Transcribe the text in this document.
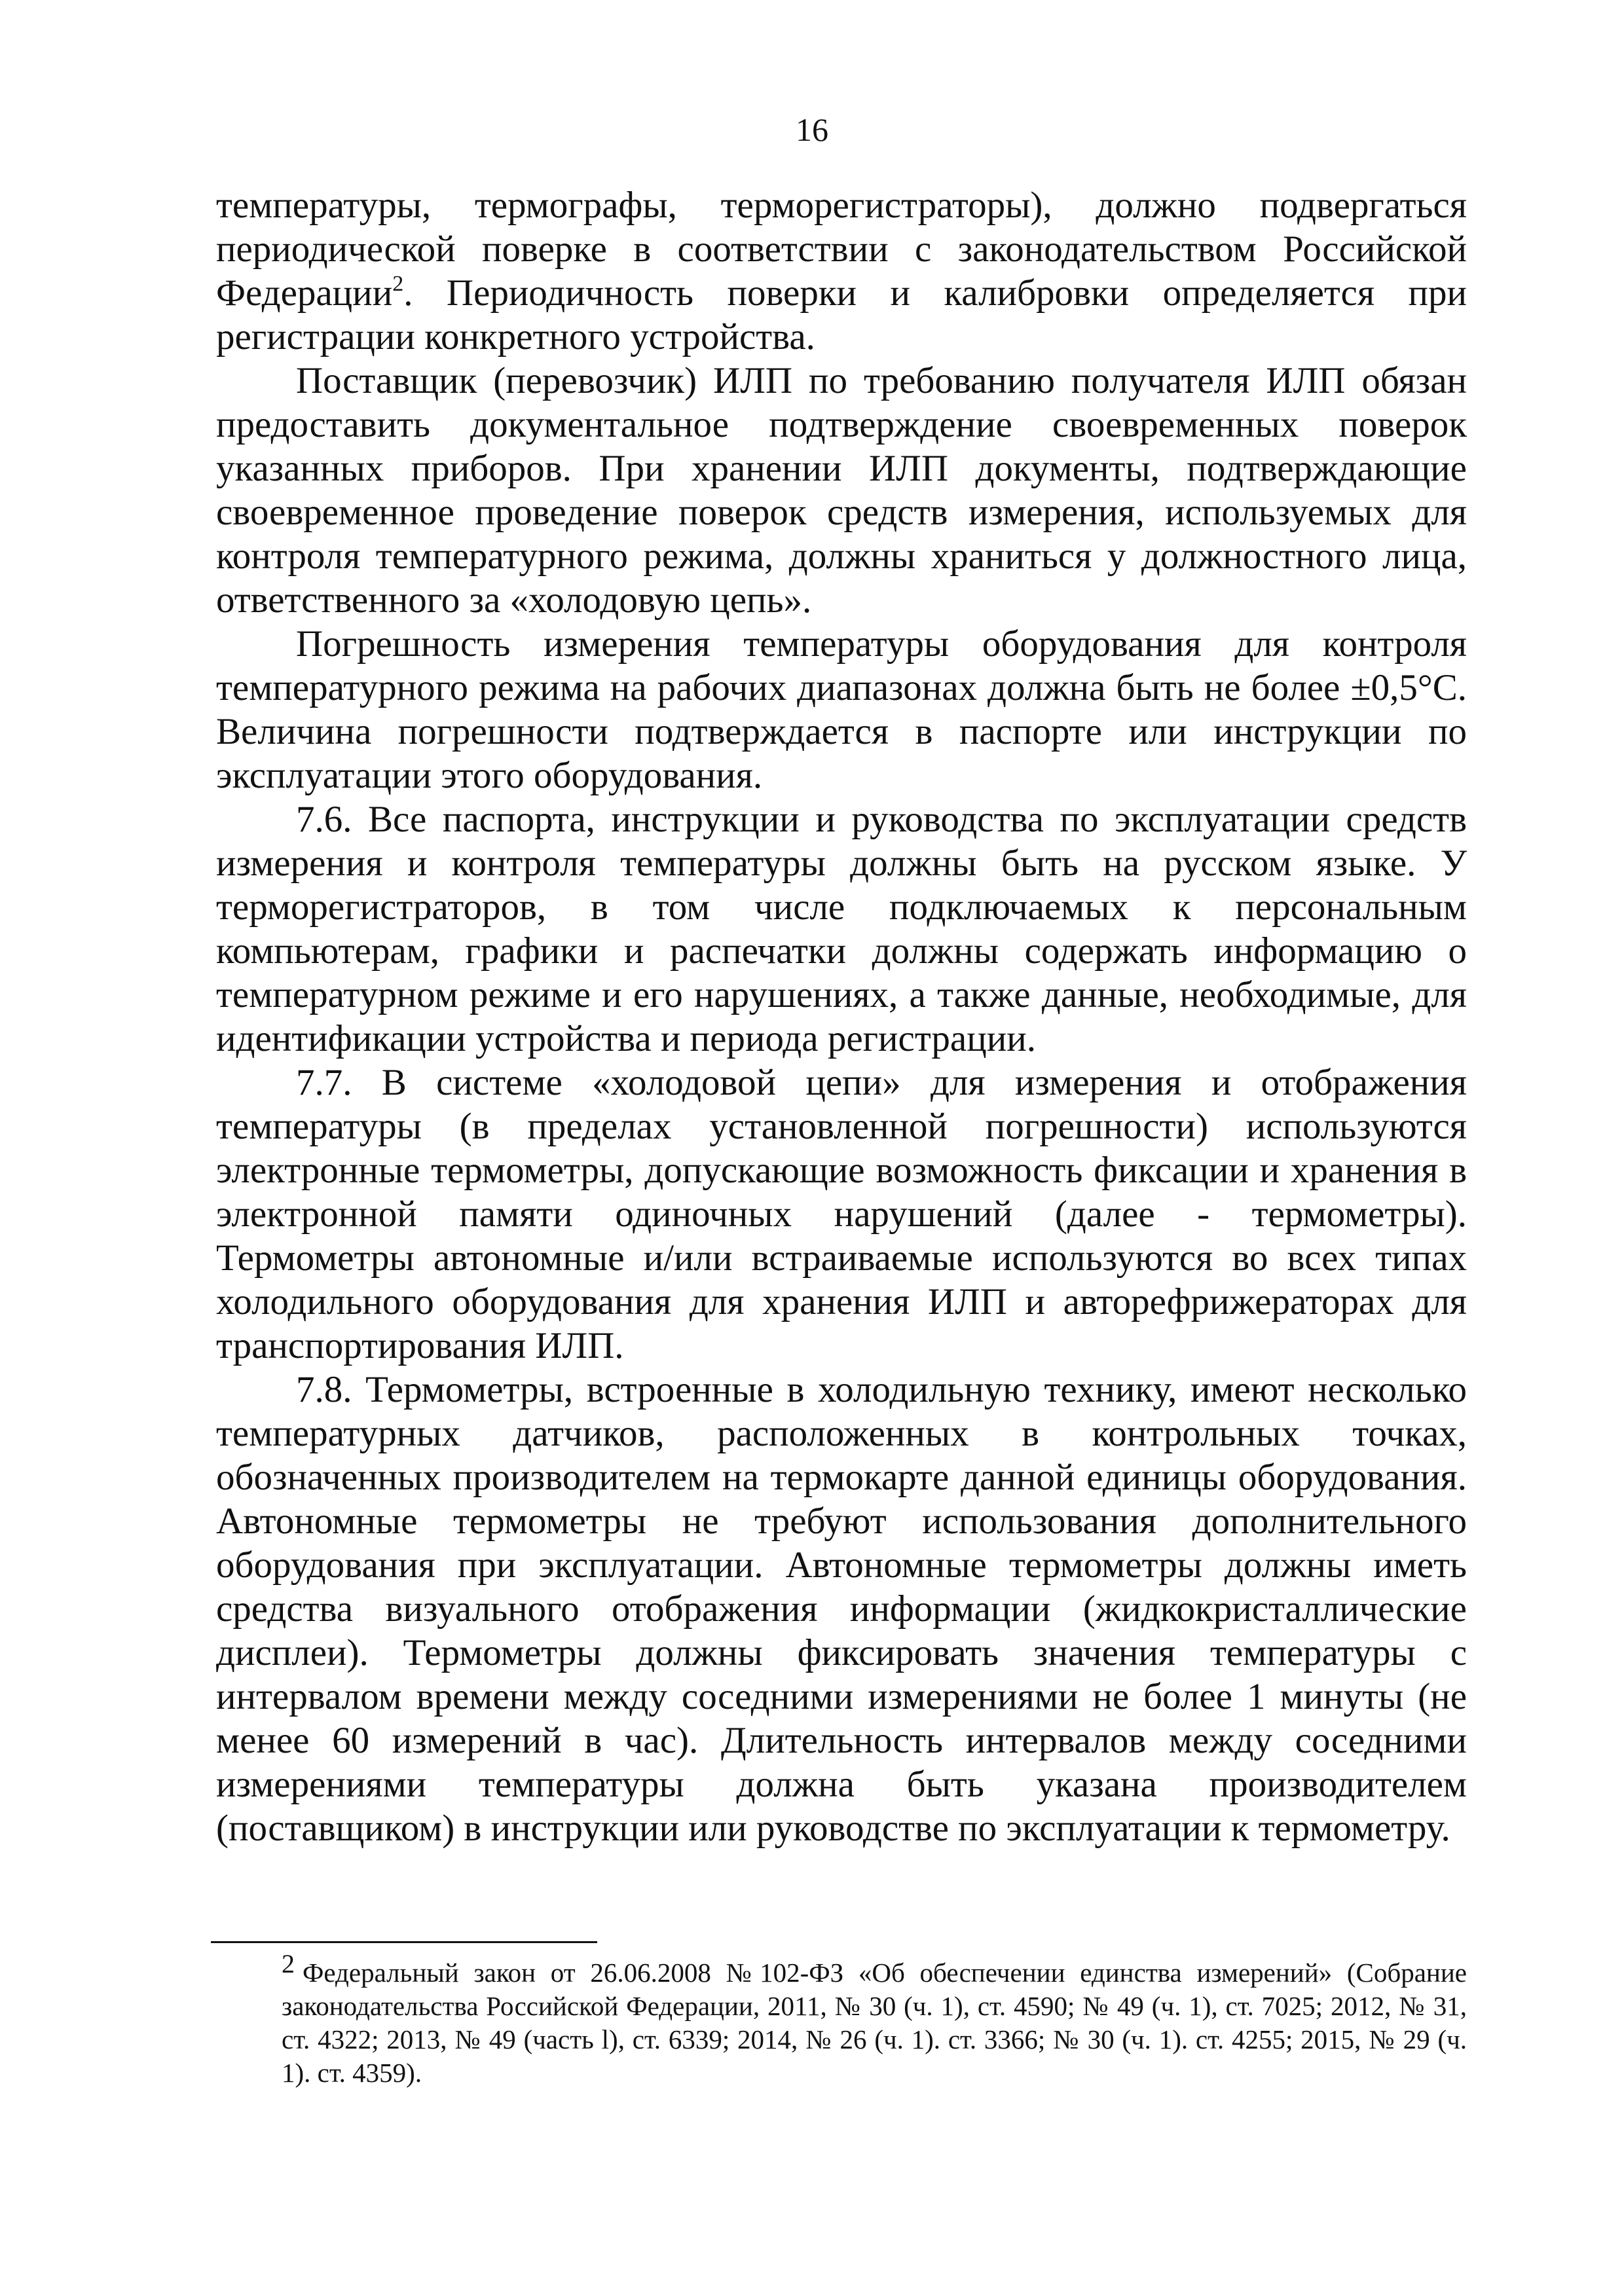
16

температуры, термографы, терморегистраторы), должно подвергаться периодической поверке в соответствии с законодательством Российской Федерации$^2$. Периодичность поверки и калибровки определяется при регистрации конкретного устройства.

Поставщик (перевозчик) ИЛП по требованию получателя ИЛП обязан предоставить документальное подтверждение своевременных поверок указанных приборов. При хранении ИЛП документы, подтверждающие своевременное проведение поверок средств измерения, используемых для контроля температурного режима, должны храниться у должностного лица, ответственного за «холодовую цепь».

Погрешность измерения температуры оборудования для контроля температурного режима на рабочих диапазонах должна быть не более ±0,5°С. Величина погрешности подтверждается в паспорте или инструкции по эксплуатации этого оборудования.

7.6. Все паспорта, инструкции и руководства по эксплуатации средств измерения и контроля температуры должны быть на русском языке. У терморегистраторов, в том числе подключаемых к персональным компьютерам, графики и распечатки должны содержать информацию о температурном режиме и его нарушениях, а также данные, необходимые, для идентификации устройства и периода регистрации.

7.7. В системе «холодовой цепи» для измерения и отображения температуры (в пределах установленной погрешности) используются электронные термометры, допускающие возможность фиксации и хранения в электронной памяти одиночных нарушений (далее - термометры). Термометры автономные и/или встраиваемые используются во всех типах холодильного оборудования для хранения ИЛП и авторефрижераторах для транспортирования ИЛП.

7.8. Термометры, встроенные в холодильную технику, имеют несколько температурных датчиков, расположенных в контрольных точках, обозначенных производителем на термокарте данной единицы оборудования. Автономные термометры не требуют использования дополнительного оборудования при эксплуатации. Автономные термометры должны иметь средства визуального отображения информации (жидкокристаллические дисплеи). Термометры должны фиксировать значения температуры с интервалом времени между соседними измерениями не более 1 минуты (не менее 60 измерений в час). Длительность интервалов между соседними измерениями температуры должна быть указана производителем (поставщиком) в инструкции или руководстве по эксплуатации к термометру.

2 Федеральный закон от 26.06.2008 №102-ФЗ «Об обеспечении единства измерений» (Собрание законодательства Российской Федерации, 2011, № 30 (ч. 1), ст. 4590; № 49 (ч. 1), ст. 7025; 2012, № 31, ст. 4322; 2013, № 49 (часть l), ст. 6339; 2014, № 26 (ч. 1). ст. 3366; № 30 (ч. 1). ст. 4255; 2015, № 29 (ч. 1). ст. 4359).
